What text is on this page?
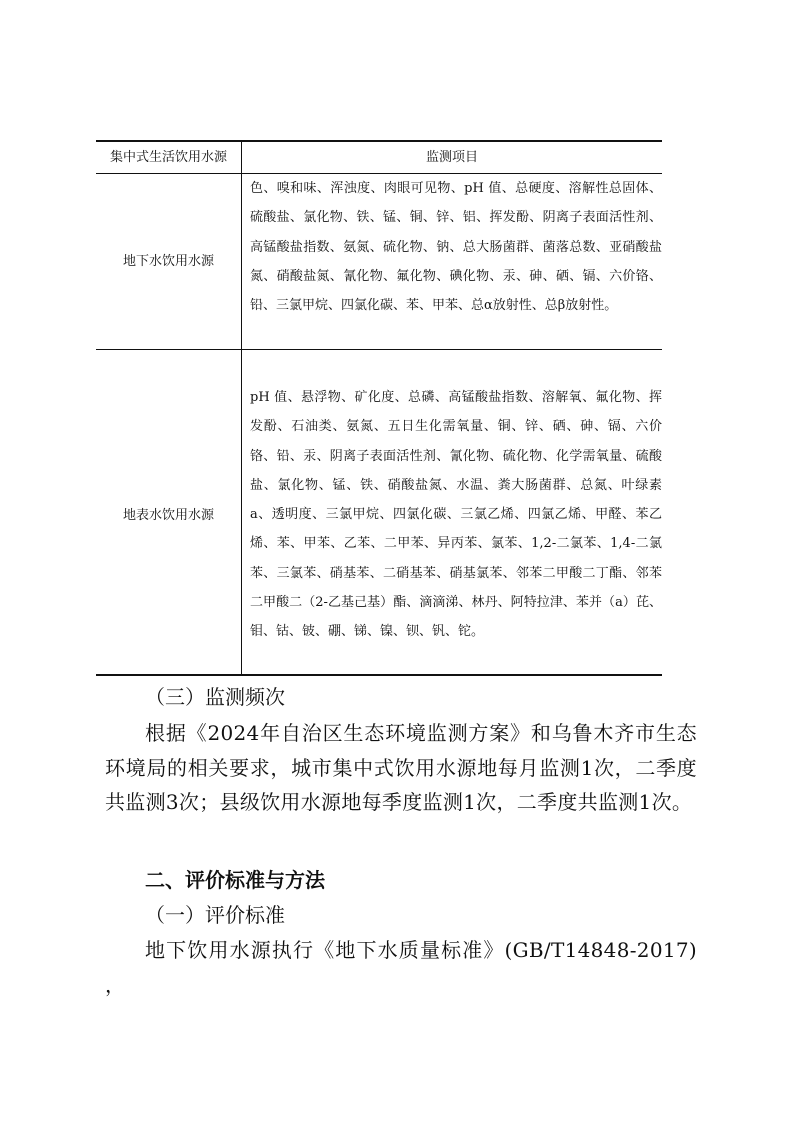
集中式生活饮用水源	监测项目
地下水饮用水源
色、嗅和味、浑浊度、肉眼可见物、pH 值、总硬度、溶解性总固体、硫酸盐、氯化物、铁、锰、铜、锌、铝、挥发酚、阴离子表面活性剂、高锰酸盐指数、氨氮、硫化物、钠、总大肠菌群、菌落总数、亚硝酸盐氮、硝酸盐氮、氰化物、氟化物、碘化物、汞、砷、硒、镉、六价铬、铅、三氯甲烷、四氯化碳、苯、甲苯、总α放射性、总β放射性。
地表水饮用水源
pH 值、悬浮物、矿化度、总磷、高锰酸盐指数、溶解氧、氟化物、挥发酚、石油类、氨氮、五日生化需氧量、铜、锌、硒、砷、镉、六价铬、铅、汞、阴离子表面活性剂、氰化物、硫化物、化学需氧量、硫酸盐、氯化物、锰、铁、硝酸盐氮、水温、粪大肠菌群、总氮、叶绿素 a、透明度、三氯甲烷、四氯化碳、三氯乙烯、四氯乙烯、甲醛、苯乙烯、苯、甲苯、乙苯、二甲苯、异丙苯、氯苯、1,2-二氯苯、1,4-二氯苯、三氯苯、硝基苯、二硝基苯、硝基氯苯、邻苯二甲酸二丁酯、邻苯二甲酸二（2-乙基己基）酯、滴滴涕、林丹、阿特拉津、苯并（a）芘、钼、钴、铍、硼、锑、镍、钡、钒、铊。
（三）监测频次
根据《2024年自治区生态环境监测方案》和乌鲁木齐市生态环境局的相关要求，城市集中式饮用水源地每月监测1次，二季度共监测3次；县级饮用水源地每季度监测1次，二季度共监测1次。
二、评价标准与方法
（一）评价标准
地下饮用水源执行《地下水质量标准》(GB/T14848-2017) ，
